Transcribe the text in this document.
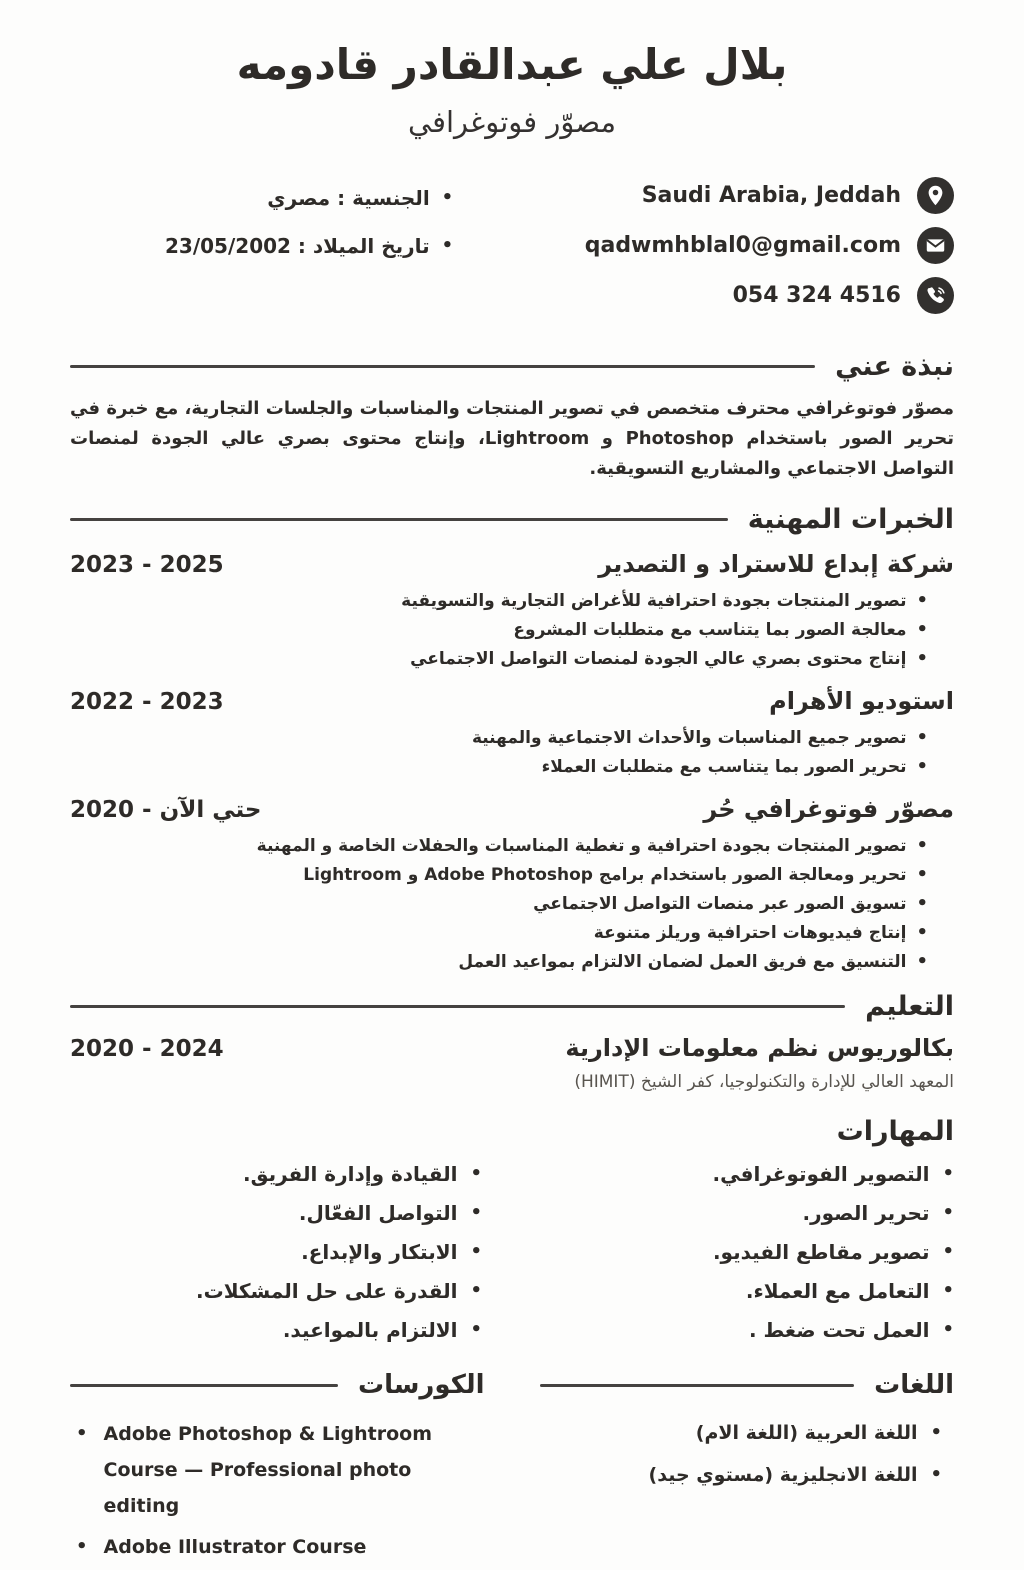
بلال علي عبدالقادر قادومه
مصوّر فوتوغرافي
Saudi Arabia, Jeddah
qadwmhblal0@gmail.com
054 324 4516
•
الجنسية : مصري
•
تاريخ الميلاد : 23/05/2002
نبذة عني
مصوّر فوتوغرافي محترف متخصص في تصوير المنتجات والمناسبات والجلسات التجارية، مع خبرة في تحرير الصور باستخدام Photoshop و Lightroom، وإنتاج محتوى بصري عالي الجودة لمنصات التواصل الاجتماعي والمشاريع التسويقية.
الخبرات المهنية
شركة إبداع للاستراد و التصدير
2023 - 2025
•
تصوير المنتجات بجودة احترافية للأغراض التجارية والتسويقية
•
معالجة الصور بما يتناسب مع متطلبات المشروع
•
إنتاج محتوى بصري عالي الجودة لمنصات التواصل الاجتماعي
استوديو الأهرام
2022 - 2023
•
تصوير جميع المناسبات والأحداث الاجتماعية والمهنية
•
تحرير الصور بما يتناسب مع متطلبات العملاء
مصوّر فوتوغرافي حُر
2020 - حتي الآن
•
تصوير المنتجات بجودة احترافية و تغطية المناسبات والحفلات الخاصة و المهنية
•
تحرير ومعالجة الصور باستخدام برامج Adobe Photoshop و Lightroom
•
تسويق الصور عبر منصات التواصل الاجتماعي
•
إنتاج فيديوهات احترافية وريلز متنوعة
•
التنسيق مع فريق العمل لضمان الالتزام بمواعيد العمل
التعليم
بكالوريوس نظم معلومات الإدارية
2020 - 2024
المعهد العالي للإدارة والتكنولوجيا، كفر الشيخ (HIMIT)
المهارات
•
التصوير الفوتوغرافي.
•
تحرير الصور.
•
تصوير مقاطع الفيديو.
•
التعامل مع العملاء.
•
العمل تحت ضغط .
•
القيادة وإدارة الفريق.
•
التواصل الفعّال.
•
الابتكار والإبداع.
•
القدرة على حل المشكلات.
•
الالتزام بالمواعيد.
اللغات
•
اللغة العربية (اللغة الام)
•
اللغة الانجليزية (مستوي جيد)
الكورسات
• Adobe Photoshop & Lightroom Course — Professional photo editing
• Adobe Illustrator Course
